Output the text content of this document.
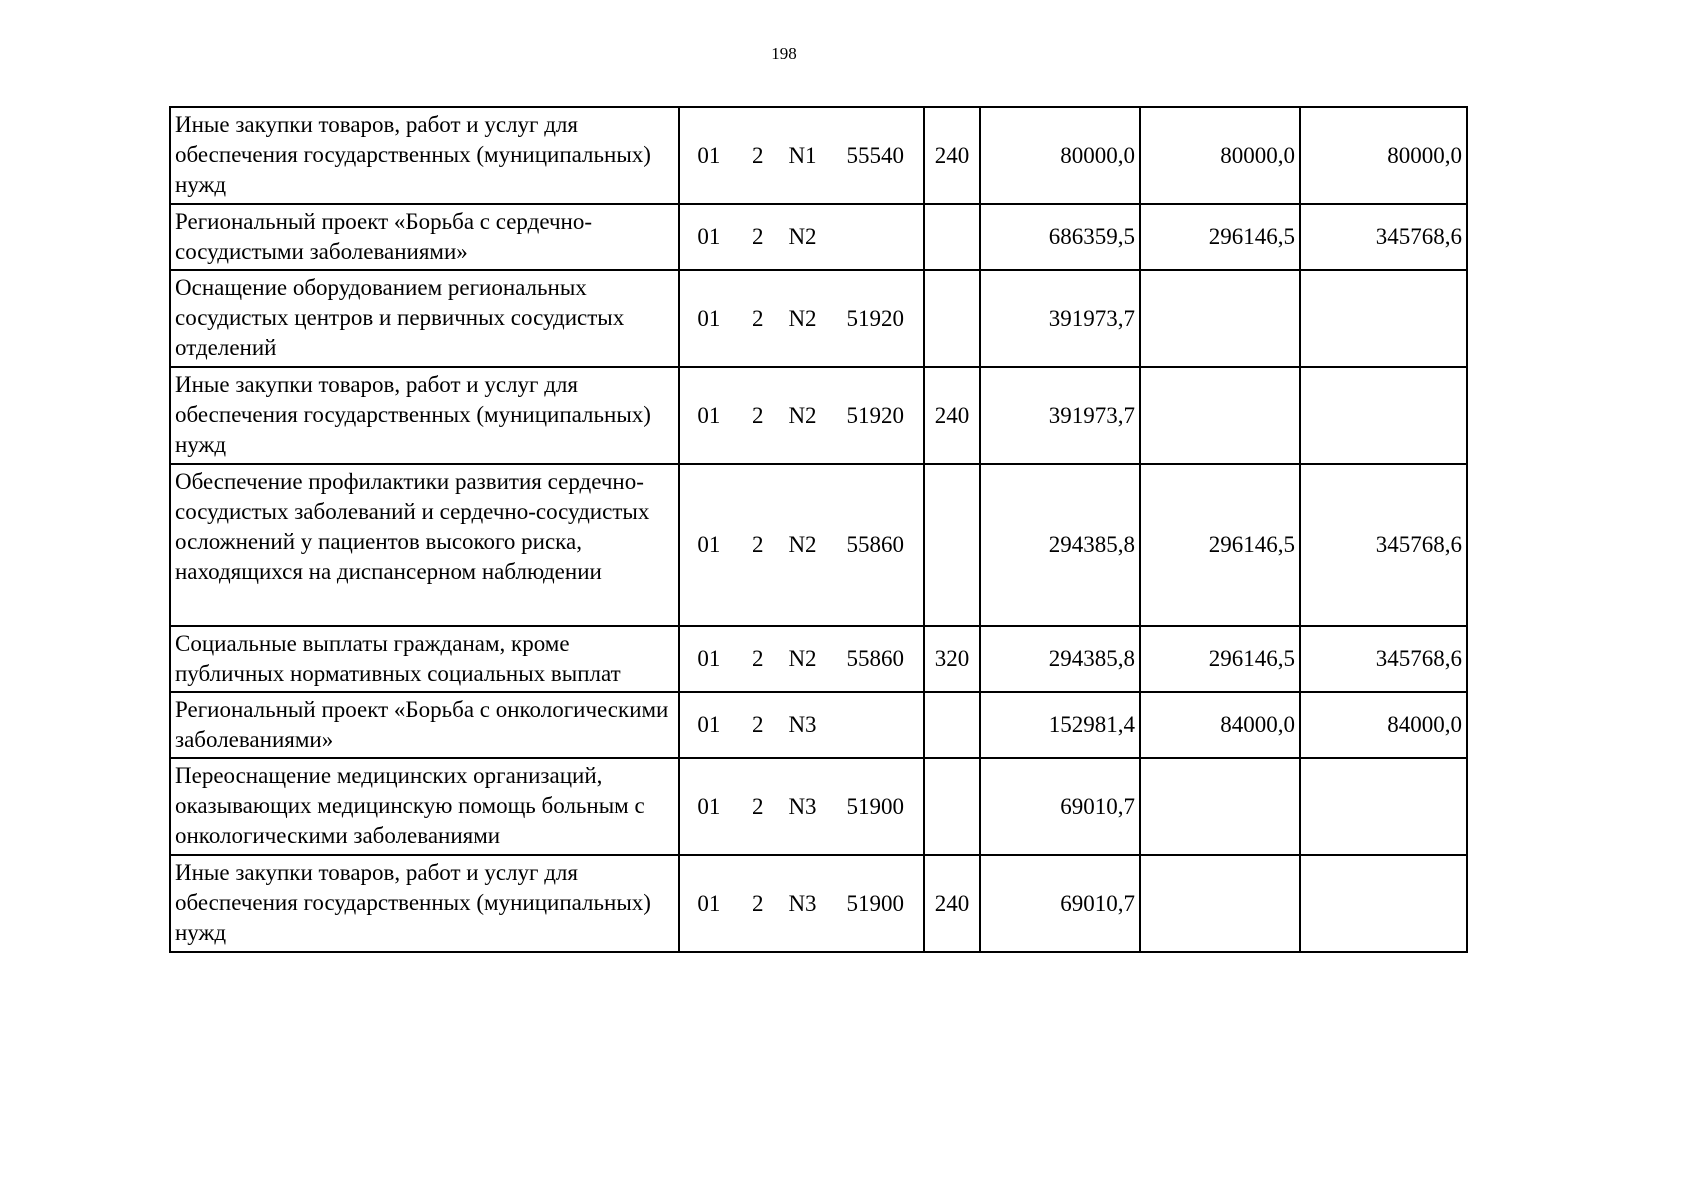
198
Иные закупки товаров, работ и услуг для обеспечения государственных (муниципальных) нужд	01 2 N1 55540	240	80000,0	80000,0	80000,0
Региональный проект «Борьба с сердечно-сосудистыми заболеваниями»	01 2 N2		686359,5	296146,5	345768,6
Оснащение оборудованием региональных сосудистых центров и первичных сосудистых отделений	01 2 N2 51920		391973,7		
Иные закупки товаров, работ и услуг для обеспечения государственных (муниципальных) нужд	01 2 N2 51920	240	391973,7		
Обеспечение профилактики развития сердечно-сосудистых заболеваний и сердечно-сосудистых осложнений у пациентов высокого риска, находящихся на диспансерном наблюдении	01 2 N2 55860		294385,8	296146,5	345768,6
Социальные выплаты гражданам, кроме публичных нормативных социальных выплат	01 2 N2 55860	320	294385,8	296146,5	345768,6
Региональный проект «Борьба с онкологическими заболеваниями»	01 2 N3		152981,4	84000,0	84000,0
Переоснащение медицинских организаций, оказывающих медицинскую помощь больным с онкологическими заболеваниями	01 2 N3 51900		69010,7		
Иные закупки товаров, работ и услуг для обеспечения государственных (муниципальных) нужд	01 2 N3 51900	240	69010,7		
